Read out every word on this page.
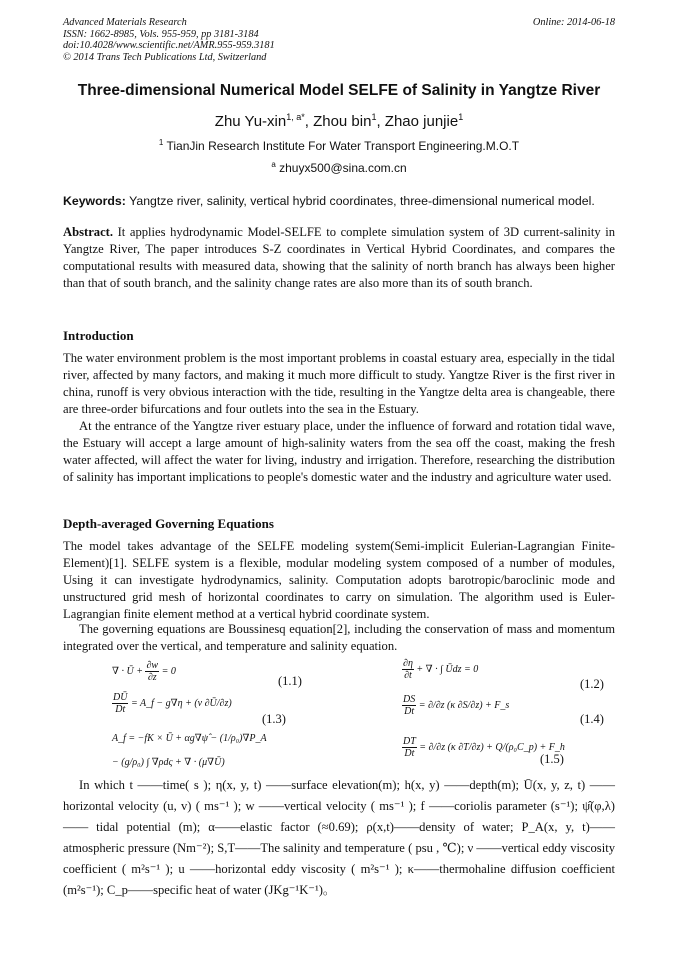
Advanced Materials Research
ISSN: 1662-8985, Vols. 955-959, pp 3181-3184
doi:10.4028/www.scientific.net/AMR.955-959.3181
© 2014 Trans Tech Publications Ltd, Switzerland
Online: 2014-06-18
Three-dimensional Numerical Model SELFE of Salinity in Yangtze River
Zhu Yu-xin$^{1, a*}$, Zhou bin$^1$, Zhao junjie$^1$
$^1$ TianJin Research Institute For Water Transport Engineering.M.O.T
$^a$ zhuyx500@sina.com.cn
Keywords: Yangtze river, salinity, vertical hybrid coordinates, three-dimensional numerical model.
Abstract. It applies hydrodynamic Model-SELFE to complete simulation system of 3D current-salinity in Yangtze River, The paper introduces S-Z coordinates in Vertical Hybrid Coordinates, and compares the computational results with measured data, showing that the salinity of north branch has always been higher than that of south branch, and the salinity change rates are also more than its of south branch.
Introduction
The water environment problem is the most important problems in coastal estuary area, especially in the tidal river, affected by many factors, and making it much more difficult to study. Yangtze River is the first river in china, runoff is very obvious interaction with the tide, resulting in the Yangtze delta area is changeable, there are three-order bifurcations and four outlets into the sea in the Estuary.
At the entrance of the Yangtze river estuary place, under the influence of forward and rotation tidal wave, the Estuary will accept a large amount of high-salinity waters from the sea off the coast, making the fresh water affected, will affect the water for living, industry and irrigation. Therefore, researching the distribution of salinity has important implications to people's domestic water and the industry and agriculture water used.
Depth-averaged Governing Equations
The model takes advantage of the SELFE modeling system(Semi-implicit Eulerian-Lagrangian Finite-Element)[1]. SELFE system is a flexible, modular modeling system composed of a number of modules, Using it can investigate hydrodynamics, salinity. Computation adopts barotropic/baroclinic mode and unstructured grid mesh of horizontal coordinates to carry on simulation. The algorithm used is Euler-Lagrangian finite element method at a vertical hybrid coordinate system.
The governing equations are Boussinesq equation[2], including the conservation of mass and momentum integrated over the vertical, and temperature and salinity equation.
∇ · Ū + $\frac{\partial w}{\partial z} = 0$
(1.1)	$\frac{\partial\eta}{\partial t}$ + ∇ · ∫ Ūdz = 0
(1.2)
$\frac{DŪ}{Dt}$ = A_f − g∇η + (ν ∂Ū/∂z)
(1.3)
A_f = −fK × Ū + αg∇ψ̂ − (1/ρ₀)∇P_A
− (g/ρ₀) ∫ ∇ρdς + ∇ · (μ∇Ū)
$\frac{DS}{Dt} = \partial/\partial z$ (κ ∂S/∂z) + F_s
(1.4)
$\frac{DT}{Dt} = \partial/\partial z$ (κ ∂T/∂z) + Q/(ρ₀C_p) + F_h
(1.5)
In which t ——time( s ); η(x, y, t) ——surface elevation(m); h(x, y) ——depth(m); Ū(x, y, z, t) ——horizontal velocity (u, v) ( ms⁻¹ ); w ——vertical velocity ( ms⁻¹ ); f ——coriolis parameter (s⁻¹); ψ̂(φ,λ)—— tidal potential (m); α——elastic factor (≈0.69); ρ(x,t)——density of water; P_A(x, y, t)——atmospheric pressure (Nm⁻²); S,T——The salinity and temperature ( psu , ℃); ν ——vertical eddy viscosity coefficient ( m²s⁻¹ ); u ——horizontal eddy viscosity ( m²s⁻¹ ); κ——thermohaline diffusion coefficient (m²s⁻¹); C_p——specific heat of water (JKg⁻¹K⁻¹)。
